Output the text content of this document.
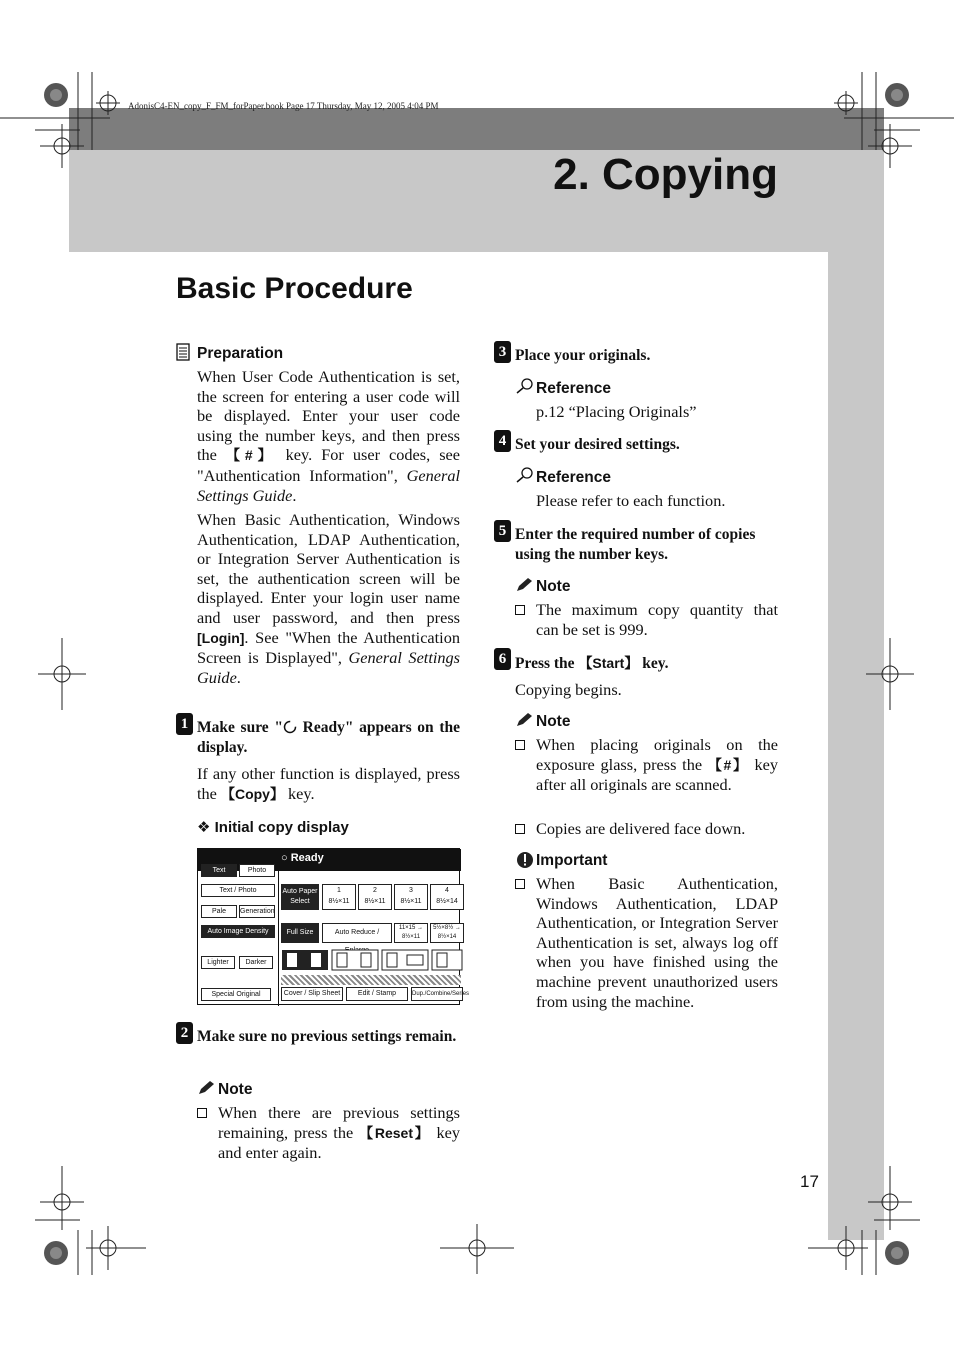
AdonisC4-EN_copy_F_FM_forPaper.book Page 17 Thursday, May 12, 2005 4:04 PM
2. Copying
Basic Procedure
Preparation
When User Code Authentication is set, the screen for entering a user code will be displayed. Enter your user code using the number keys, and then press the 【#】 key. For user codes, see "Authentication Information", General Settings Guide.
When Basic Authentication, Windows Authentication, LDAP Authentication, or Integration Server Authentication is set, the authentication screen will be displayed. Enter your login user name and user password, and then press [Login]. See "When the Authentication Screen is Displayed", General Settings Guide.
1 Make sure " Ready" appears on the display.
If any other function is displayed, press the 【Copy】 key.
❖ Initial copy display
○ Ready
Text	Photo
Text / Photo
Pale	Generation
Auto Image Density
Lighter	Darker
Special Original
Auto Paper Select
1
8½×11
2
8½×11
3
8½×11
4
8½×14
Full Size	Auto Reduce /
11×15 → 8½×11
5½×8½ → 8½×14
Cover / Slip Sheet	Edit / Stamp	Dup./Combine/Series
2 Make sure no previous settings remain.
Note
When there are previous settings remaining, press the 【Reset】 key and enter again.
3 Place your originals.
Reference
p.12 “Placing Originals”
4 Set your desired settings.
Reference
Please refer to each function.
5 Enter the required number of copies using the number keys.
Note
The maximum copy quantity that can be set is 999.
6 Press the 【Start】 key.
Copying begins.
Note
When placing originals on the exposure glass, press the 【#】 key after all originals are scanned.
Copies are delivered face down.
Important
When Basic Authentication, Windows Authentication, LDAP Authentication, or Integration Server Authentication is set, always log off when you have finished using the machine prevent unauthorized users from using the machine.
17
